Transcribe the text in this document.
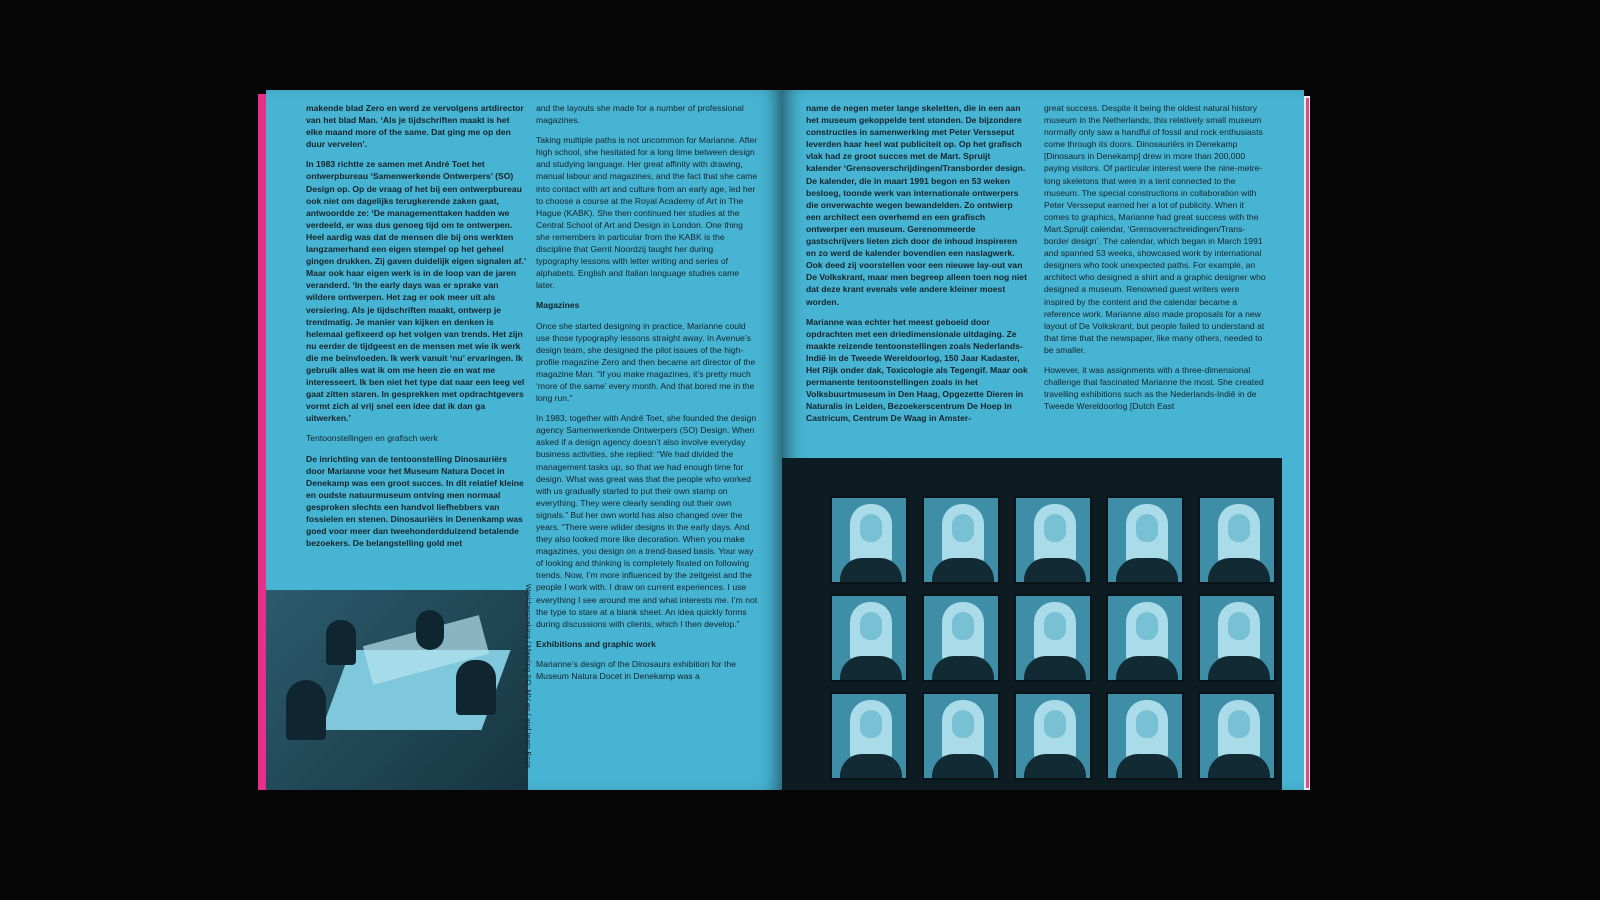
makende blad Zero en werd ze vervolgens artdirector van het blad Man. ‘Als je tijdschriften maakt is het elke maand more of the same. Dat ging me op den duur vervelen’.

In 1983 richtte ze samen met André Toet het ontwerpbureau ‘Samenwerkende Ontwerpers’ (SO) Design op. Op de vraag of het bij een ontwerpbureau ook niet om dagelijks terugkerende zaken gaat, antwoordde ze: ‘De managementtaken hadden we verdeeld, er was dus genoeg tijd om te ontwerpen. Heel aardig was dat de mensen die bij ons werkten langzamerhand een eigen stempel op het geheel gingen drukken. Zij gaven duidelijk eigen signalen af.’ Maar ook haar eigen werk is in de loop van de jaren veranderd. ‘In the early days was er sprake van wildere ontwerpen. Het zag er ook meer uit als versiering. Als je tijdschriften maakt, ontwerp je trendmatig. Je manier van kijken en denken is helemaal gefixeerd op het volgen van trends. Het zijn nu eerder de tijdgeest en de mensen met wie ik werk die me beïnvloeden. Ik werk vanuit ‘nu’ ervaringen. Ik gebruik alles wat ik om me heen zie en wat me interesseert. Ik ben niet het type dat naar een leeg vel gaat zitten staren. In gesprekken met opdrachtgevers vormt zich al vrij snel een idee dat ik dan ga uitwerken.’

Tentoonstellingen en grafisch werk

De inrichting van de tentoonstelling Dinosauriërs door Marianne voor het Museum Natura Docet in Denekamp was een groot succes. In dit relatief kleine en oudste natuurmuseum ontving men normaal gesproken slechts een handvol liefhebbers van fossielen en stenen. Dinosauriërs in Denenkamp was goed voor meer dan tweehonderdduizend betalende bezoekers. De belangstelling gold met

and the layouts she made for a number of professional magazines.

Taking multiple paths is not uncommon for Marianne. After high school, she hesitated for a long time between design and studying language. Her great affinity with drawing, manual labour and magazines, and the fact that she came into contact with art and culture from an early age, led her to choose a course at the Royal Academy of Art in The Hague (KABK). She then continued her studies at the Central School of Art and Design in London. One thing she remembers in particular from the KABK is the discipline that Gerrit Noordzij taught her during typography lessons with letter writing and series of alphabets. English and Italian language studies came later.

Magazines

Once she started designing in practice, Marianne could use those typography lessons straight away. In Avenue’s design team, she designed the pilot issues of the high-profile magazine Zero and then became art director of the magazine Man. “If you make magazines, it’s pretty much ‘more of the same’ every month. And that bored me in the long run.”

In 1983, together with André Toet, she founded the design agency Samenwerkende Ontwerpers (SO) Design. When asked if a design agency doesn’t also involve everyday business activities, she replied: “We had divided the management tasks up, so that we had enough time for design. What was great was that the people who worked with us gradually started to put their own stamp on everything. They were clearly sending out their own signals.” But her own world has also changed over the years. “There were wilder designs in the early days. And they also looked more like decoration. When you make magazines, you design on a trend-based basis. Your way of looking and thinking is completely fixated on following trends. Now, I’m more influenced by the zeitgeist and the people I work with. I draw on current experiences. I use everything I see around me and what interests me. I’m not the type to stare at a blank sheet. An idea quickly forms during discussions with clients, which I then develop.”

Exhibitions and graphic work

Marianne’s design of the Dinosaurs exhibition for the Museum Natura Docet in Denekamp was a

Werkbespreking / Meeting SO, MV en / and team Ecos

name de negen meter lange skeletten, die in een aan het museum gekoppelde tent stonden. De bijzondere constructies in samenwerking met Peter Versseput leverden haar heel wat publiciteit op. Op het grafisch vlak had ze groot succes met de Mart. Spruijt kalender ‘Grensoverschrijdingen/Transborder design. De kalender, die in maart 1991 begon en 53 weken besloeg, toonde werk van internationale ontwerpers die onverwachte wegen bewandelden. Zo ontwierp een architect een overhemd en een grafisch ontwerper een museum. Gerenommeerde gastschrijvers lieten zich door de inhoud inspireren en zo werd de kalender bovendien een naslagwerk. Ook deed zij voorstellen voor een nieuwe lay-out van De Volkskrant, maar men begreep alleen toen nog niet dat deze krant evenals vele andere kleiner moest worden.

Marianne was echter het meest geboeid door opdrachten met een driedimensionale uitdaging. Ze maakte reizende tentoonstellingen zoals Nederlands-Indië in de Tweede Wereldoorlog, 150 Jaar Kadaster, Het Rijk onder dak, Toxicologie als Tegengif. Maar ook permanente tentoonstellingen zoals in het Volksbuurtmuseum in Den Haag, Opgezette Dieren in Naturalis in Leiden, Bezoekerscentrum De Hoep in Castricum, Centrum De Waag in Amster-

great success. Despite it being the oldest natural history museum in the Netherlands, this relatively small museum normally only saw a handful of fossil and rock enthusiasts come through its doors. Dinosauriërs in Denekamp [Dinosaurs in Denekamp] drew in more than 200,000 paying visitors. Of particular interest were the nine-metre-long skeletons that were in a tent connected to the museum. The special constructions in collaboration with Peter Versseput earned her a lot of publicity. When it comes to graphics, Marianne had great success with the Mart.Spruijt calendar, ‘Grensoverschreidingen/Trans-border design’. The calendar, which began in March 1991 and spanned 53 weeks, showcased work by international designers who took unexpected paths. For example, an architect who designed a shirt and a graphic designer who designed a museum. Renowned guest writers were inspired by the content and the calendar became a reference work. Marianne also made proposals for a new layout of De Volkskrant, but people failed to understand at that time that the newspaper, like many others, needed to be smaller.

However, it was assignments with a three-dimensional challenge that fascinated Marianne the most. She created travelling exhibitions such as the Nederlands-Indië in de Tweede Wereldoorlog [Dutch East

HAIKER
105
